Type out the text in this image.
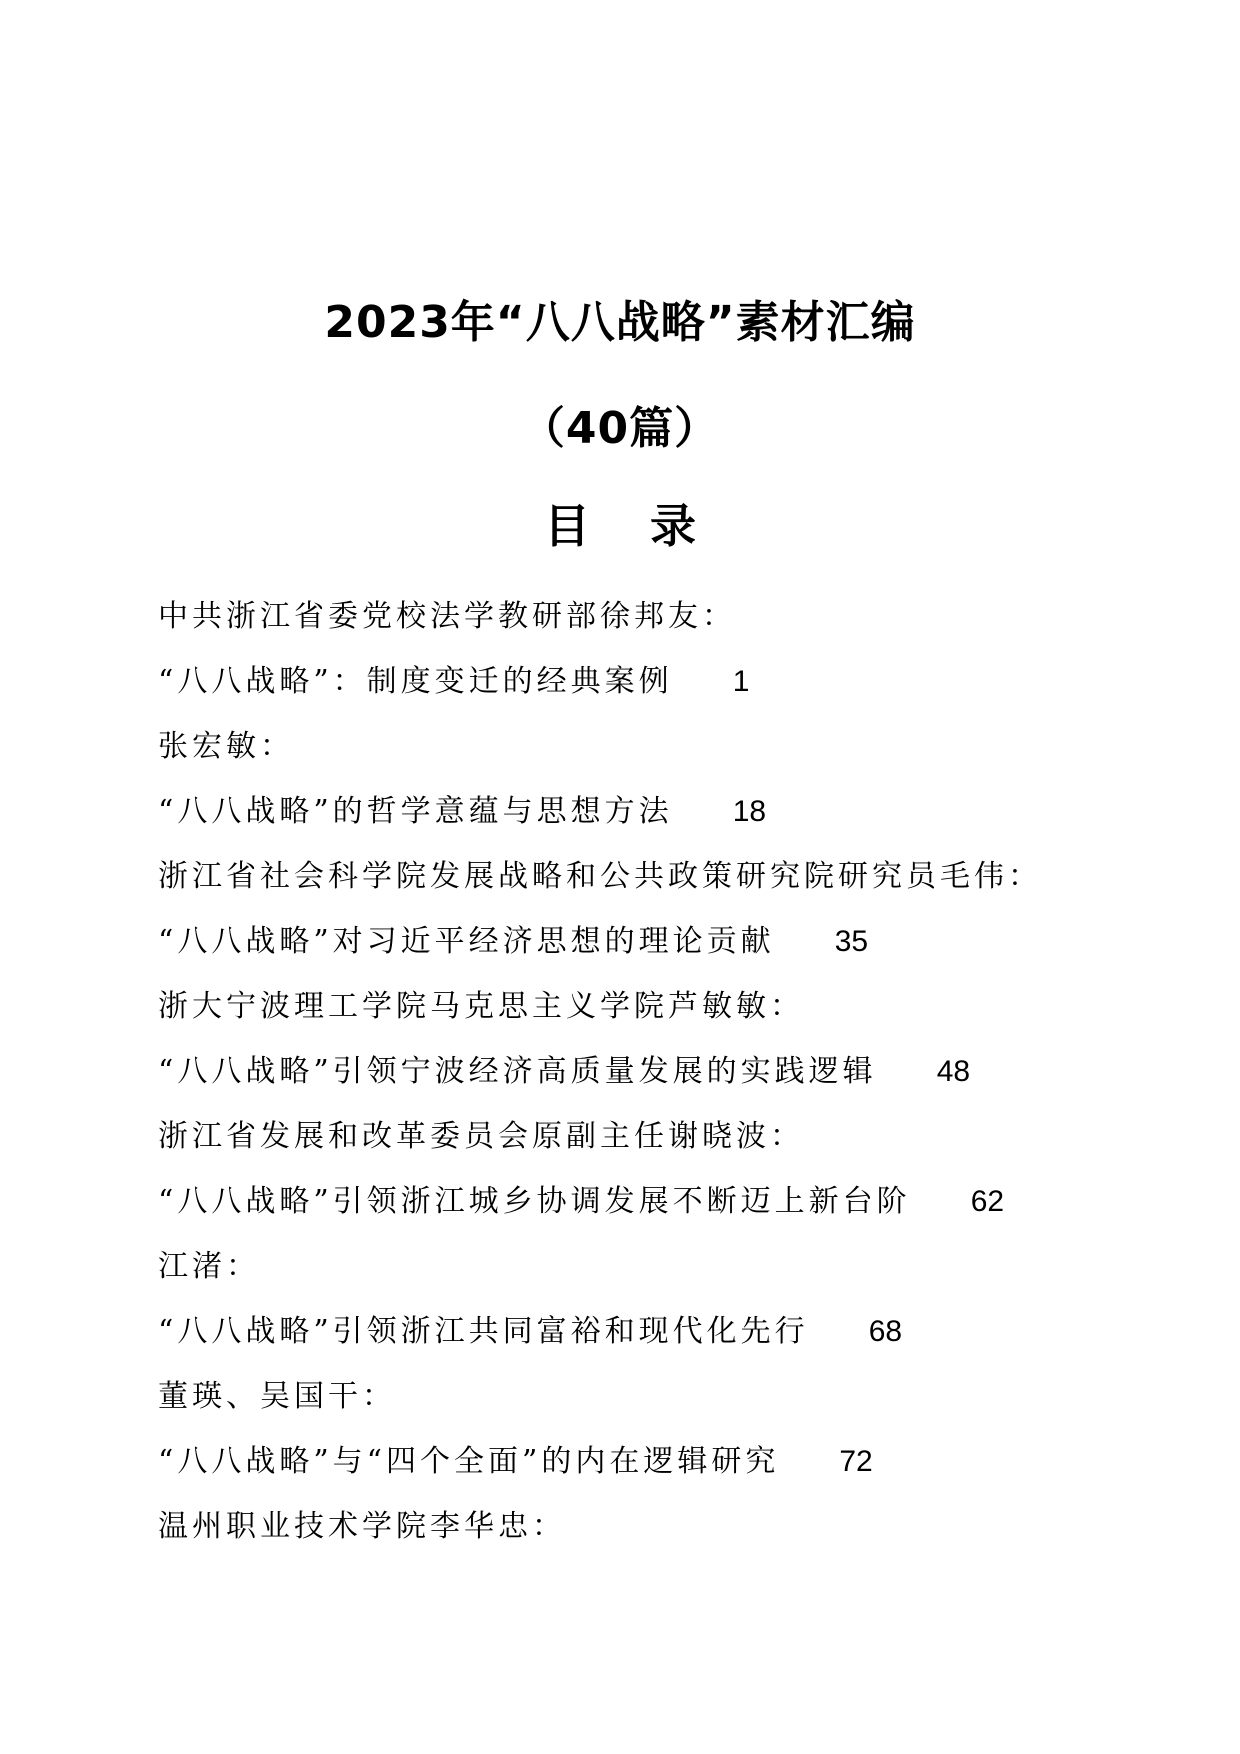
2023年“八八战略”素材汇编
（40篇）
目 录
中共浙江省委党校法学教研部徐邦友：
“八八战略”：制度变迁的经典案例 1
张宏敏：
“八八战略”的哲学意蕴与思想方法 18
浙江省社会科学院发展战略和公共政策研究院研究员毛伟：
“八八战略”对习近平经济思想的理论贡献 35
浙大宁波理工学院马克思主义学院芦敏敏：
“八八战略”引领宁波经济高质量发展的实践逻辑 48
浙江省发展和改革委员会原副主任谢晓波：
“八八战略”引领浙江城乡协调发展不断迈上新台阶 62
江渚：
“八八战略”引领浙江共同富裕和现代化先行 68
董瑛、吴国干：
“八八战略”与“四个全面”的内在逻辑研究 72
温州职业技术学院李华忠：
